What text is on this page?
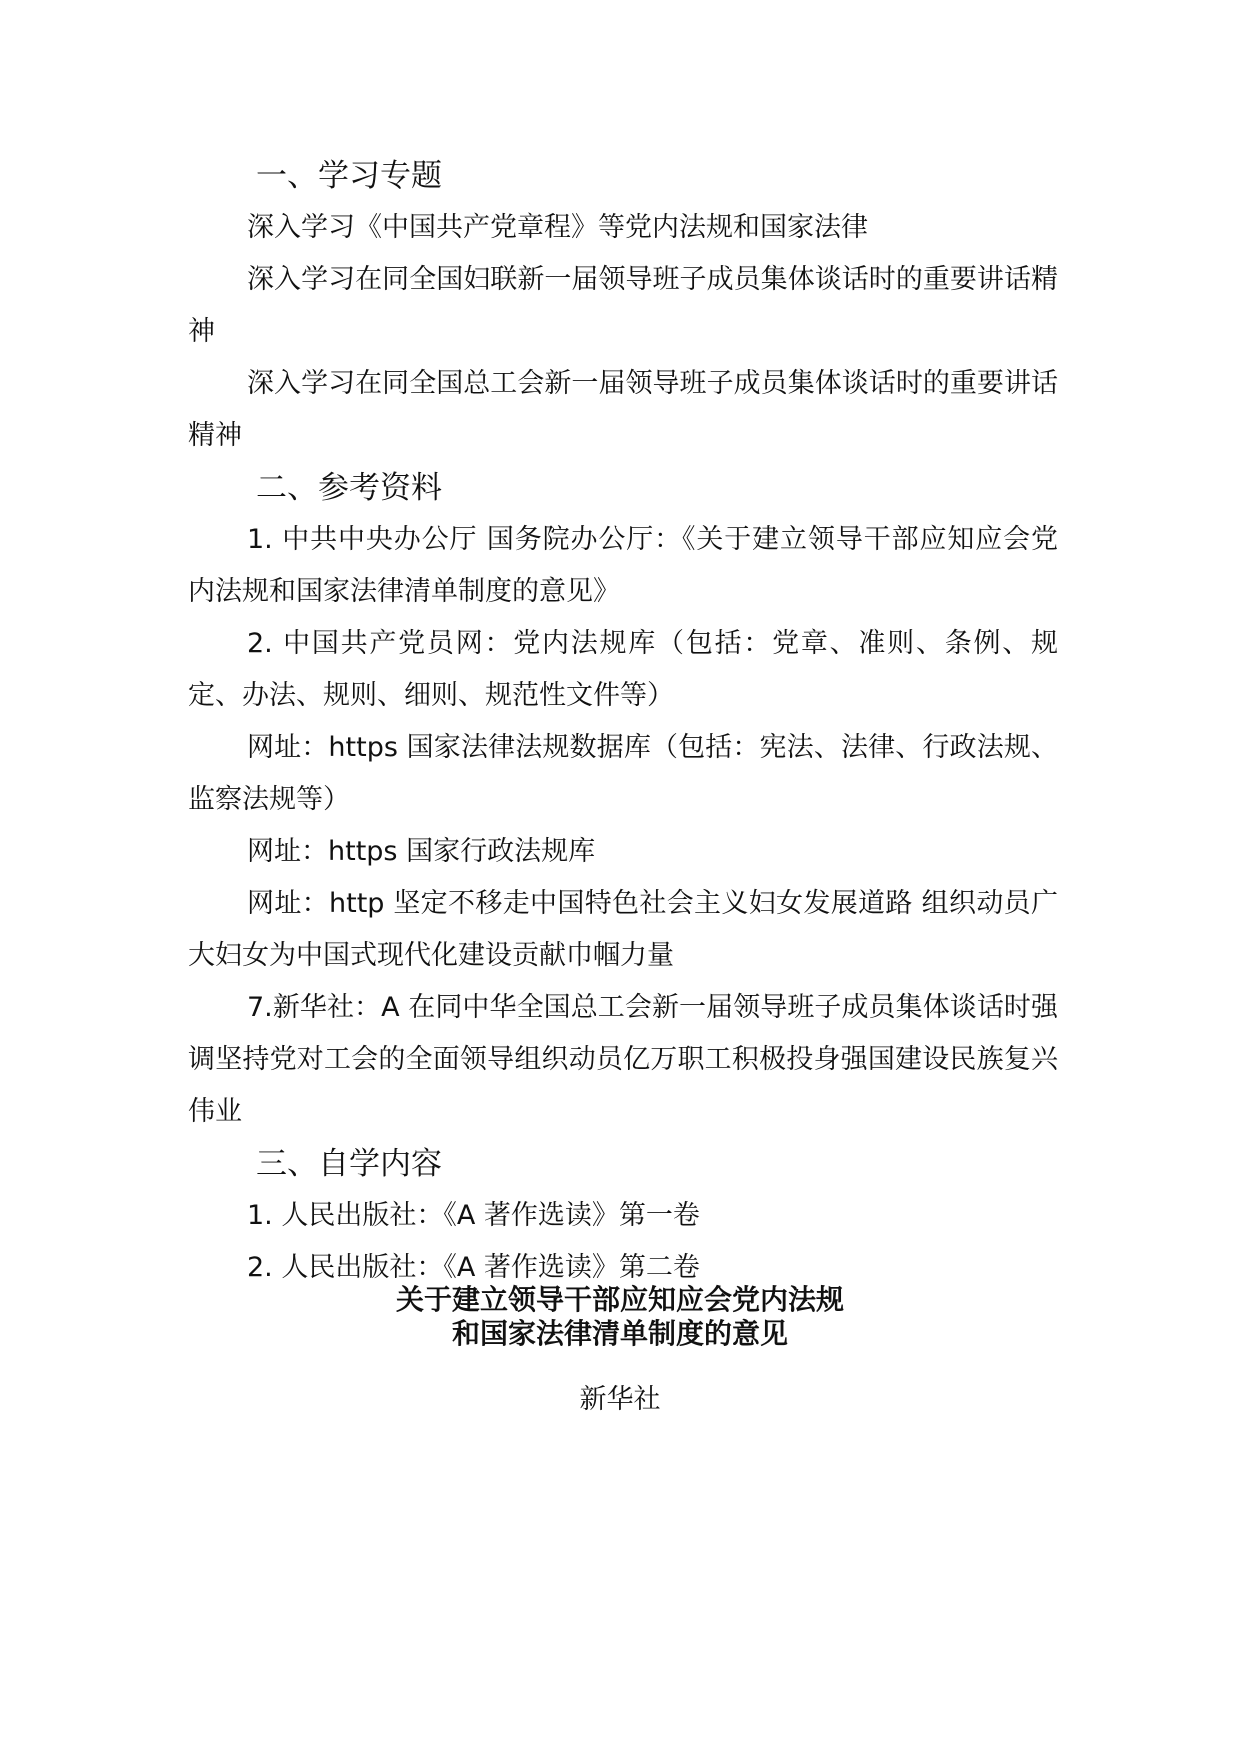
一、学习专题

深入学习《中国共产党章程》等党内法规和国家法律

深入学习在同全国妇联新一届领导班子成员集体谈话时的重要讲话精神

深入学习在同全国总工会新一届领导班子成员集体谈话时的重要讲话精神

二、参考资料

1. 中共中央办公厅 国务院办公厅：《关于建立领导干部应知应会党内法规和国家法律清单制度的意见》

2. 中国共产党员网：党内法规库（包括：党章、准则、条例、规定、办法、规则、细则、规范性文件等）

网址：https 国家法律法规数据库（包括：宪法、法律、行政法规、监察法规等）

网址：https 国家行政法规库

网址：http 坚定不移走中国特色社会主义妇女发展道路 组织动员广大妇女为中国式现代化建设贡献巾帼力量

7.新华社：A 在同中华全国总工会新一届领导班子成员集体谈话时强调坚持党对工会的全面领导组织动员亿万职工积极投身强国建设民族复兴伟业

三、自学内容

1. 人民出版社：《A 著作选读》第一卷

2. 人民出版社：《A 著作选读》第二卷

关于建立领导干部应知应会党内法规

和国家法律清单制度的意见

新华社
